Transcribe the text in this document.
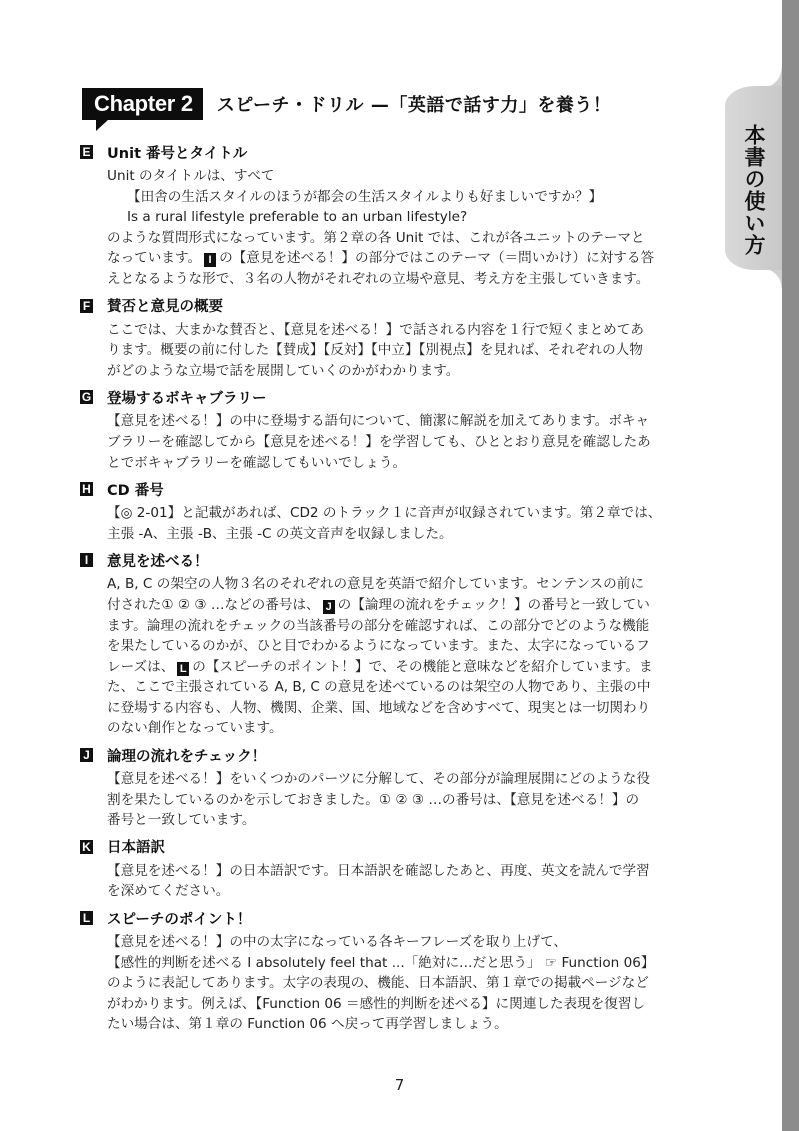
本書の使い方
Chapter 2	スピーチ・ドリル —「英語で話す力」を養う！
E Unit 番号とタイトル
Unit のタイトルは、すべて
【田舎の生活スタイルのほうが都会の生活スタイルよりも好ましいですか？】
Is a rural lifestyle preferable to an urban lifestyle?
のような質問形式になっています。第２章の各 Unit では、これが各ユニットのテーマと
なっています。 I の【意見を述べる！】の部分ではこのテーマ（＝問いかけ）に対する答
えとなるような形で、３名の人物がそれぞれの立場や意見、考え方を主張していきます。
F 賛否と意見の概要
ここでは、大まかな賛否と、【意見を述べる！】で話される内容を１行で短くまとめてあ
ります。概要の前に付した【賛成】【反対】【中立】【別視点】を見れば、それぞれの人物
がどのような立場で話を展開していくのかがわかります。
G 登場するボキャブラリー
【意見を述べる！】の中に登場する語句について、簡潔に解説を加えてあります。ボキャ
ブラリーを確認してから【意見を述べる！】を学習しても、ひととおり意見を確認したあ
とでボキャブラリーを確認してもいいでしょう。
H CD 番号
【◎ 2-01】と記載があれば、CD2 のトラック１に音声が収録されています。第２章では、
主張 -A、主張 -B、主張 -C の英文音声を収録しました。
I	意見を述べる！
A, B, C の架空の人物３名のそれぞれの意見を英語で紹介しています。センテンスの前に
付された① ② ③ …などの番号は、 J の【論理の流れをチェック！】の番号と一致してい
ます。論理の流れをチェックの当該番号の部分を確認すれば、この部分でどのような機能
を果たしているのかが、ひと目でわかるようになっています。また、太字になっているフ
レーズは、 L の【スピーチのポイント！】で、その機能と意味などを紹介しています。ま
た、ここで主張されている A, B, C の意見を述べているのは架空の人物であり、主張の中
に登場する内容も、人物、機関、企業、国、地域などを含めすべて、現実とは一切関わり
のない創作となっています。
J 論理の流れをチェック！
【意見を述べる！】をいくつかのパーツに分解して、その部分が論理展開にどのような役
割を果たしているのかを示しておきました。① ② ③ …の番号は、【意見を述べる！】の
番号と一致しています。
K 日本語訳
【意見を述べる！】の日本語訳です。日本語訳を確認したあと、再度、英文を読んで学習
を深めてください。
L スピーチのポイント！
【意見を述べる！】の中の太字になっている各キーフレーズを取り上げて、
【感性的判断を述べる I absolutely feel that ...「絶対に…だと思う」 ☞ Function 06】
のように表記してあります。太字の表現の、機能、日本語訳、第１章での掲載ページなど
がわかります。例えば、【Function 06 ＝感性的判断を述べる】に関連した表現を復習し
たい場合は、第１章の Function 06 へ戻って再学習しましょう。
7
